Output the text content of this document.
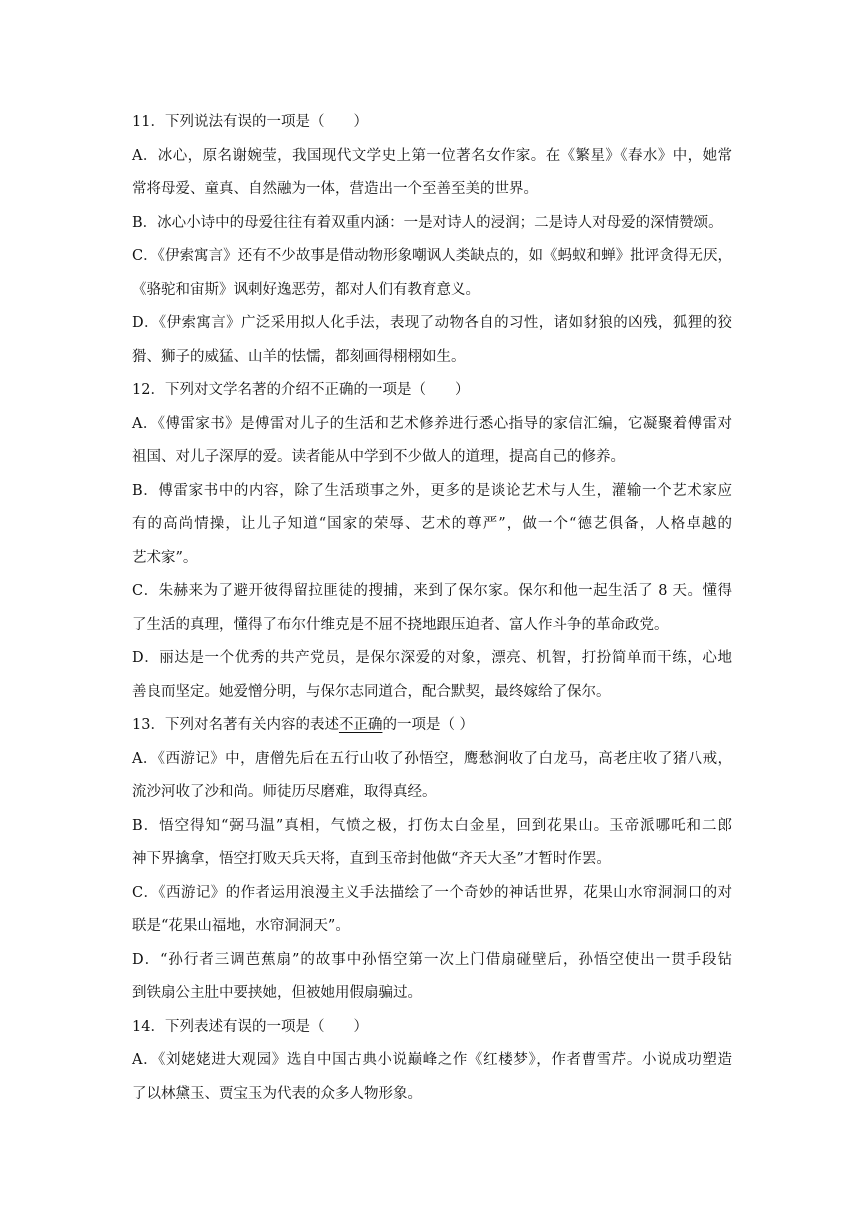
11．下列说法有误的一项是（　　）
A．冰心，原名谢婉莹，我国现代文学史上第一位著名女作家。在《繁星》《春水》中，她常
常将母爱、童真、自然融为一体，营造出一个至善至美的世界。
B．冰心小诗中的母爱往往有着双重内涵：一是对诗人的浸润；二是诗人对母爱的深情赞颂。
C．《伊索寓言》还有不少故事是借动物形象嘲讽人类缺点的，如《蚂蚁和蝉》批评贪得无厌，
《骆驼和宙斯》讽刺好逸恶劳，都对人们有教育意义。
D．《伊索寓言》广泛采用拟人化手法，表现了动物各自的习性，诸如豺狼的凶残，狐狸的狡
猾、狮子的威猛、山羊的怯懦，都刻画得栩栩如生。
12．下列对文学名著的介绍不正确的一项是（　　）
A．《傅雷家书》是傅雷对儿子的生活和艺术修养进行悉心指导的家信汇编，它凝聚着傅雷对
祖国、对儿子深厚的爱。读者能从中学到不少做人的道理，提高自己的修养。
B．傅雷家书中的内容，除了生活琐事之外，更多的是谈论艺术与人生，灌输一个艺术家应
有的高尚情操，让儿子知道“国家的荣辱、艺术的尊严”，做一个“德艺俱备，人格卓越的
艺术家”。
C．朱赫来为了避开彼得留拉匪徒的搜捕，来到了保尔家。保尔和他一起生活了 8 天。懂得
了生活的真理，懂得了布尔什维克是不屈不挠地跟压迫者、富人作斗争的革命政党。
D．丽达是一个优秀的共产党员，是保尔深爱的对象，漂亮、机智，打扮简单而干练，心地
善良而坚定。她爱憎分明，与保尔志同道合，配合默契，最终嫁给了保尔。
13．下列对名著有关内容的表述不正确的一项是（ ）
A．《西游记》中，唐僧先后在五行山收了孙悟空，鹰愁涧收了白龙马，高老庄收了猪八戒，
流沙河收了沙和尚。师徒历尽磨难，取得真经。
B．悟空得知“弼马温”真相，气愤之极，打伤太白金星，回到花果山。玉帝派哪吒和二郎
神下界擒拿，悟空打败天兵天将，直到玉帝封他做“齐天大圣”才暂时作罢。
C．《西游记》的作者运用浪漫主义手法描绘了一个奇妙的神话世界，花果山水帘洞洞口的对
联是“花果山福地，水帘洞洞天”。
D．“孙行者三调芭蕉扇”的故事中孙悟空第一次上门借扇碰壁后，孙悟空使出一贯手段钻
到铁扇公主肚中要挟她，但被她用假扇骗过。
14．下列表述有误的一项是（　　）
A．《刘姥姥进大观园》选自中国古典小说巅峰之作《红楼梦》，作者曹雪芹。小说成功塑造
了以林黛玉、贾宝玉为代表的众多人物形象。
